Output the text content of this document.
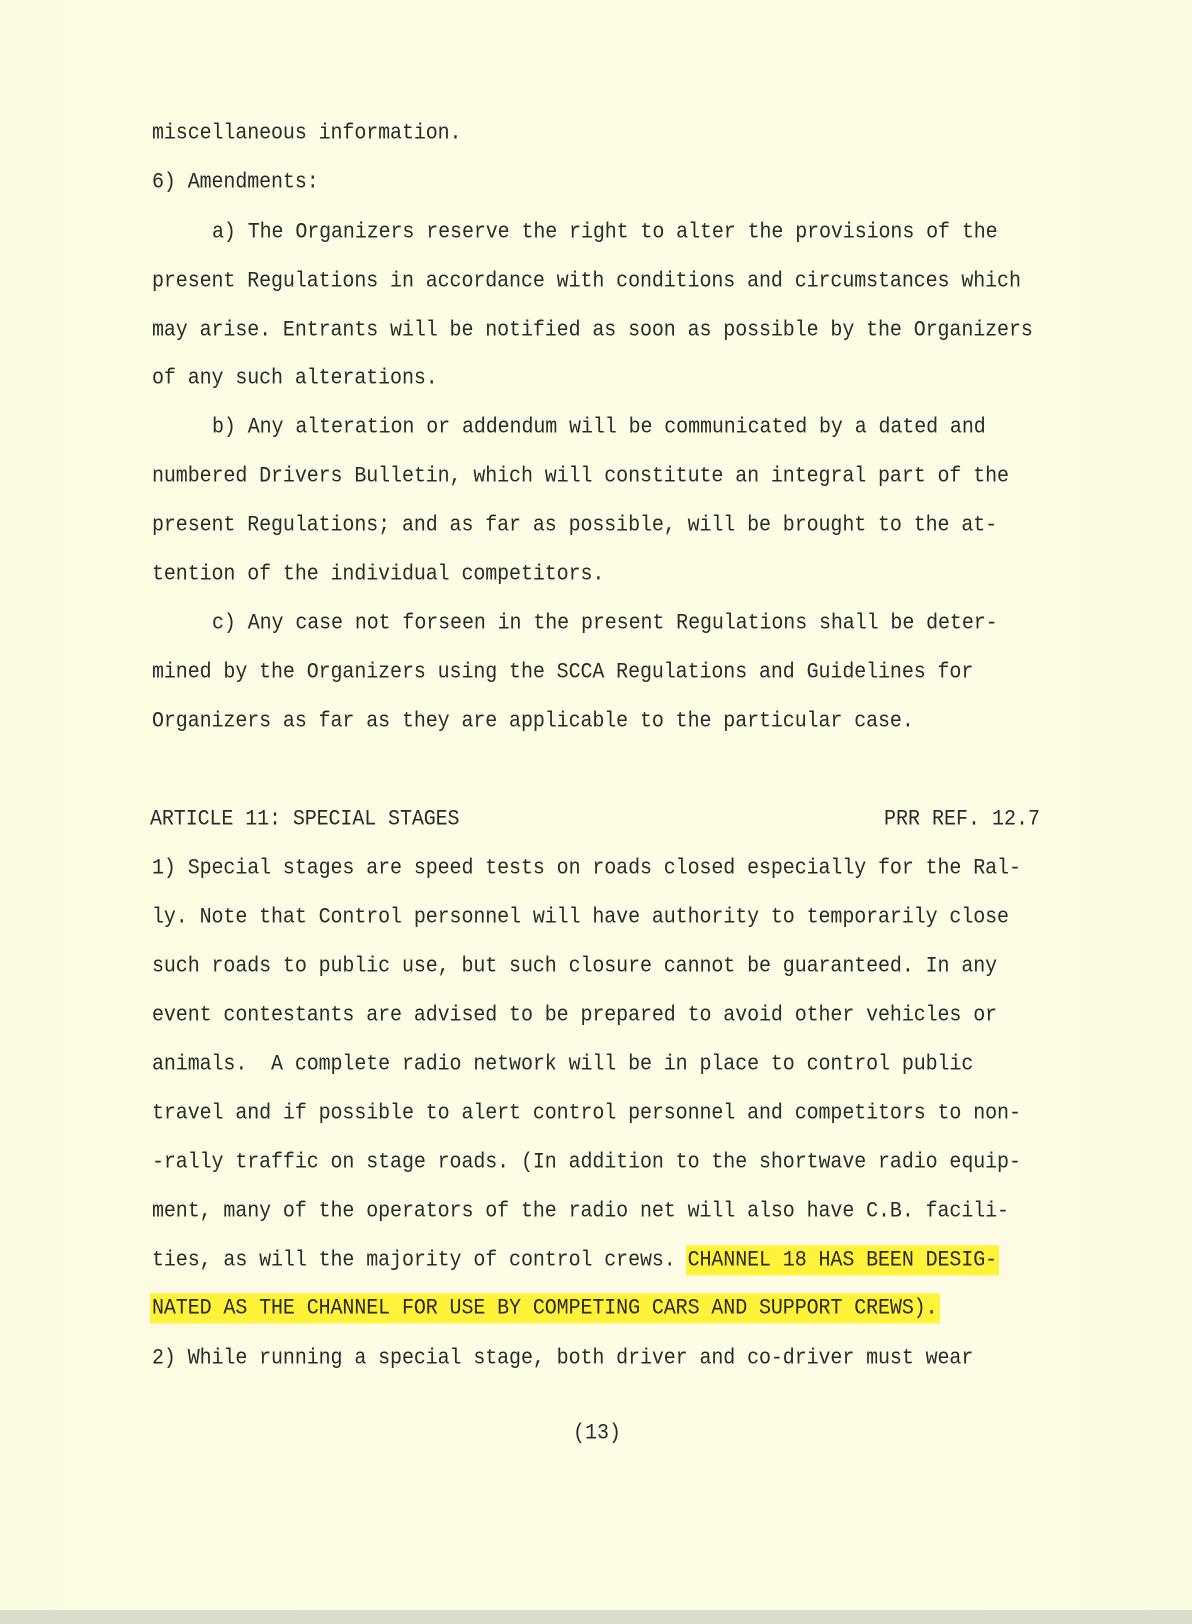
miscellaneous information.
6) Amendments:
a) The Organizers reserve the right to alter the provisions of the
present Regulations in accordance with conditions and circumstances which
may arise. Entrants will be notified as soon as possible by the Organizers
of any such alterations.
b) Any alteration or addendum will be communicated by a dated and
numbered Drivers Bulletin, which will constitute an integral part of the
present Regulations; and as far as possible, will be brought to the at-
tention of the individual competitors.
c) Any case not forseen in the present Regulations shall be deter-
mined by the Organizers using the SCCA Regulations and Guidelines for
Organizers as far as they are applicable to the particular case.
ARTICLE 11: SPECIAL STAGES	PRR REF. 12.7
1) Special stages are speed tests on roads closed especially for the Ral-
ly. Note that Control personnel will have authority to temporarily close
such roads to public use, but such closure cannot be guaranteed. In any
event contestants are advised to be prepared to avoid other vehicles or
animals.  A complete radio network will be in place to control public
travel and if possible to alert control personnel and competitors to non-
-rally traffic on stage roads. (In addition to the shortwave radio equip-
ment, many of the operators of the radio net will also have C.B. facili-
ties, as will the majority of control crews. CHANNEL 18 HAS BEEN DESIG-
NATED AS THE CHANNEL FOR USE BY COMPETING CARS AND SUPPORT CREWS).
2) While running a special stage, both driver and co-driver must wear
(13)
